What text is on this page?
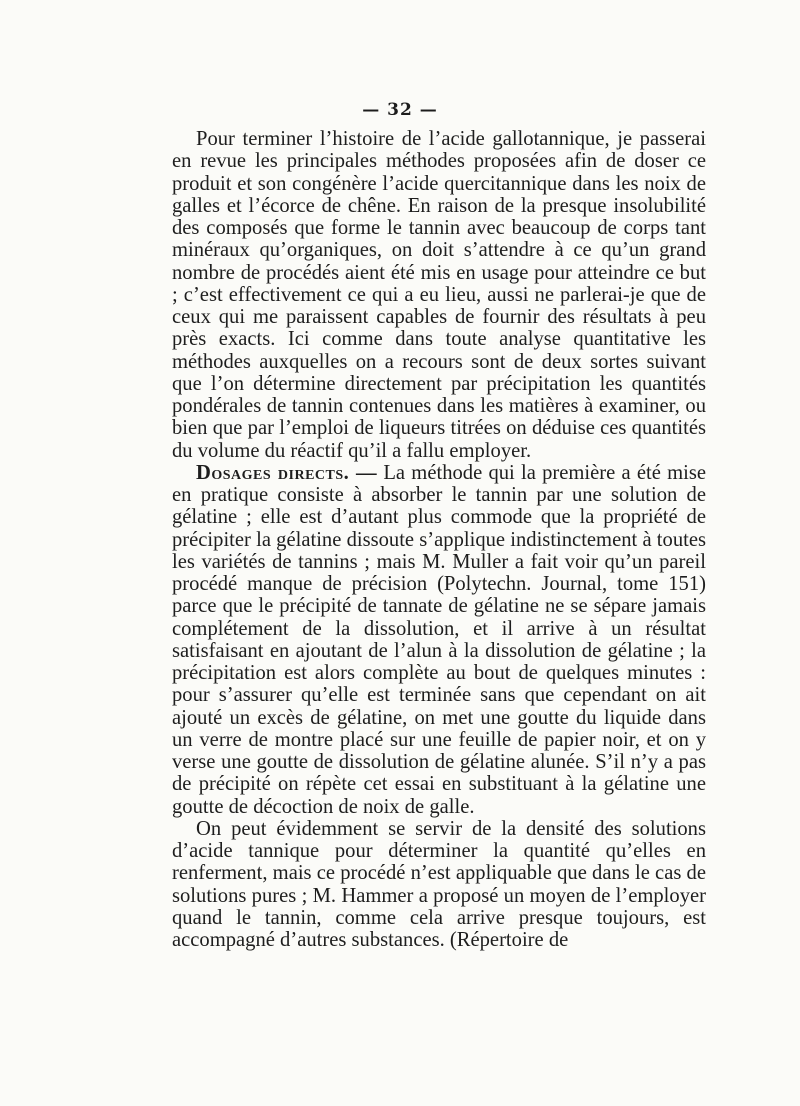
— 32 —

Pour terminer l’histoire de l’acide gallotannique, je passerai en revue les principales méthodes proposées afin de doser ce produit et son congénère l’acide quercitannique dans les noix de galles et l’écorce de chêne. En raison de la presque insolubilité des composés que forme le tannin avec beaucoup de corps tant minéraux qu’organiques, on doit s’attendre à ce qu’un grand nombre de procédés aient été mis en usage pour atteindre ce but ; c’est effectivement ce qui a eu lieu, aussi ne parlerai-je que de ceux qui me paraissent capables de fournir des résultats à peu près exacts. Ici comme dans toute analyse quantitative les méthodes auxquelles on a recours sont de deux sortes suivant que l’on détermine directement par précipitation les quantités pondérales de tannin contenues dans les matières à examiner, ou bien que par l’emploi de liqueurs titrées on déduise ces quantités du volume du réactif qu’il a fallu employer.

Dosages directs. — La méthode qui la première a été mise en pratique consiste à absorber le tannin par une solution de gélatine ; elle est d’autant plus commode que la propriété de précipiter la gélatine dissoute s’applique indistinctement à toutes les variétés de tannins ; mais M. Muller a fait voir qu’un pareil procédé manque de précision (Polytechn. Journal, tome 151) parce que le précipité de tannate de gélatine ne se sépare jamais complétement de la dissolution, et il arrive à un résultat satisfaisant en ajoutant de l’alun à la dissolution de gélatine ; la précipitation est alors complète au bout de quelques minutes : pour s’assurer qu’elle est terminée sans que cependant on ait ajouté un excès de gélatine, on met une goutte du liquide dans un verre de montre placé sur une feuille de papier noir, et on y verse une goutte de dissolution de gélatine alunée. S’il n’y a pas de précipité on répète cet essai en substituant à la gélatine une goutte de décoction de noix de galle.

On peut évidemment se servir de la densité des solutions d’acide tannique pour déterminer la quantité qu’elles en renferment, mais ce procédé n’est appliquable que dans le cas de solutions pures ; M. Hammer a proposé un moyen de l’employer quand le tannin, comme cela arrive presque toujours, est accompagné d’autres substances. (Répertoire de
